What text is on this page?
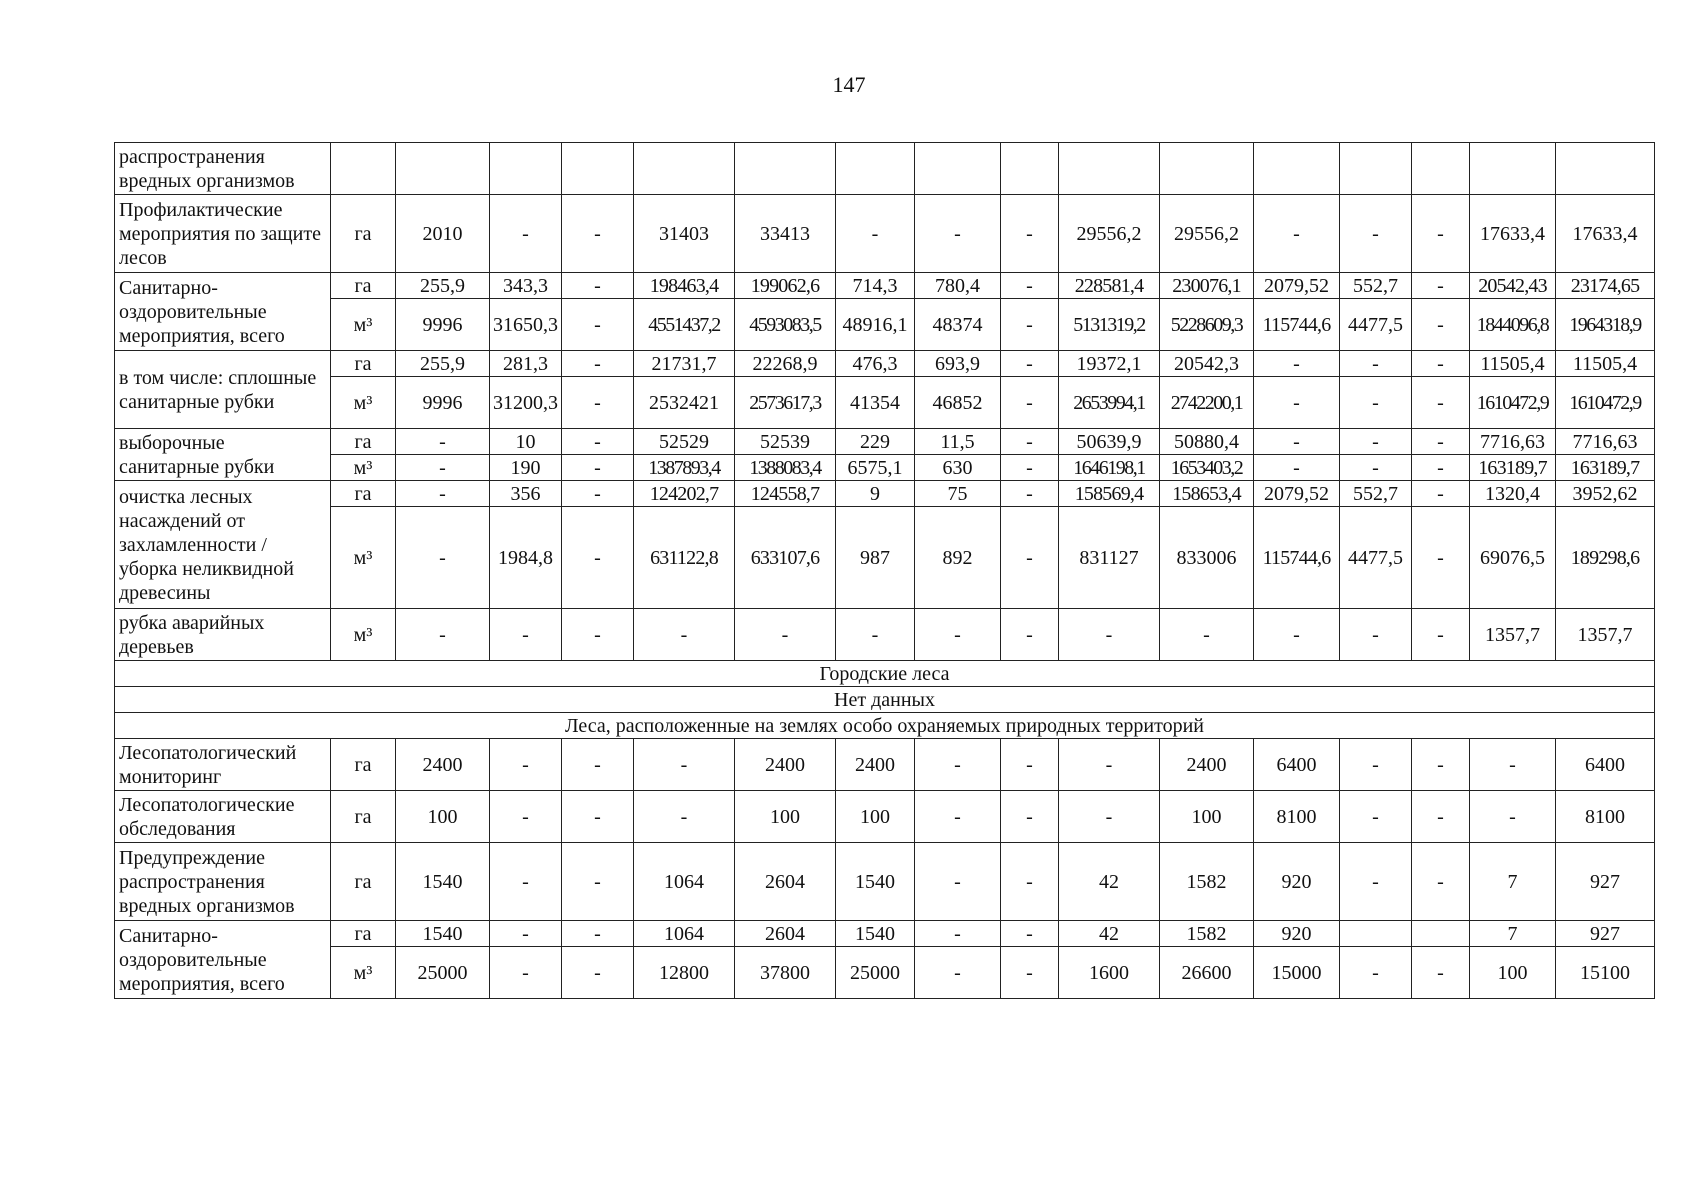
147
распространения вредных организмов																
Профилактические мероприятия по защите лесов	га	2010	-	-	31403	33413	-	-	-	29556,2	29556,2	-	-	-	17633,4	17633,4
Санитарно-оздоровительные мероприятия, всего	га	255,9	343,3	-	198463,4	199062,6	714,3	780,4	-	228581,4	230076,1	2079,52	552,7	-	20542,43	23174,65
	м³	9996	31650,3	-	4551437,2	4593083,5	48916,1	48374	-	5131319,2	5228609,3	115744,6	4477,5	-	1844096,8	1964318,9
в том числе: сплошные санитарные рубки	га	255,9	281,3	-	21731,7	22268,9	476,3	693,9	-	19372,1	20542,3	-	-	-	11505,4	11505,4
	м³	9996	31200,3	-	2532421	2573617,3	41354	46852	-	2653994,1	2742200,1	-	-	-	1610472,9	1610472,9
выборочные санитарные рубки	га	-	10	-	52529	52539	229	11,5	-	50639,9	50880,4	-	-	-	7716,63	7716,63
	м³	-	190	-	1387893,4	1388083,4	6575,1	630	-	1646198,1	1653403,2	-	-	-	163189,7	163189,7
очистка лесных насаждений от захламленности / уборка неликвидной древесины	га	-	356	-	124202,7	124558,7	9	75	-	158569,4	158653,4	2079,52	552,7	-	1320,4	3952,62
	м³	-	1984,8	-	631122,8	633107,6	987	892	-	831127	833006	115744,6	4477,5	-	69076,5	189298,6
рубка аварийных деревьев	м³	-	-	-	-	-	-	-	-	-	-	-	-	-	1357,7	1357,7
Городские леса																
Нет данных																
Леса, расположенные на землях особо охраняемых природных территорий																
Лесопатологический мониторинг	га	2400	-	-	-	2400	2400	-	-	-	2400	6400	-	-	-	6400
Лесопатологические обследования	га	100	-	-	-	100	100	-	-	-	100	8100	-	-	-	8100
Предупреждение распространения вредных организмов	га	1540	-	-	1064	2604	1540	-	-	42	1582	920	-	-	7	927
Санитарно-оздоровительные мероприятия, всего	га	1540	-	-	1064	2604	1540	-	-	42	1582	920			7	927
	м³	25000	-	-	12800	37800	25000	-	-	1600	26600	15000	-	-	100	15100
